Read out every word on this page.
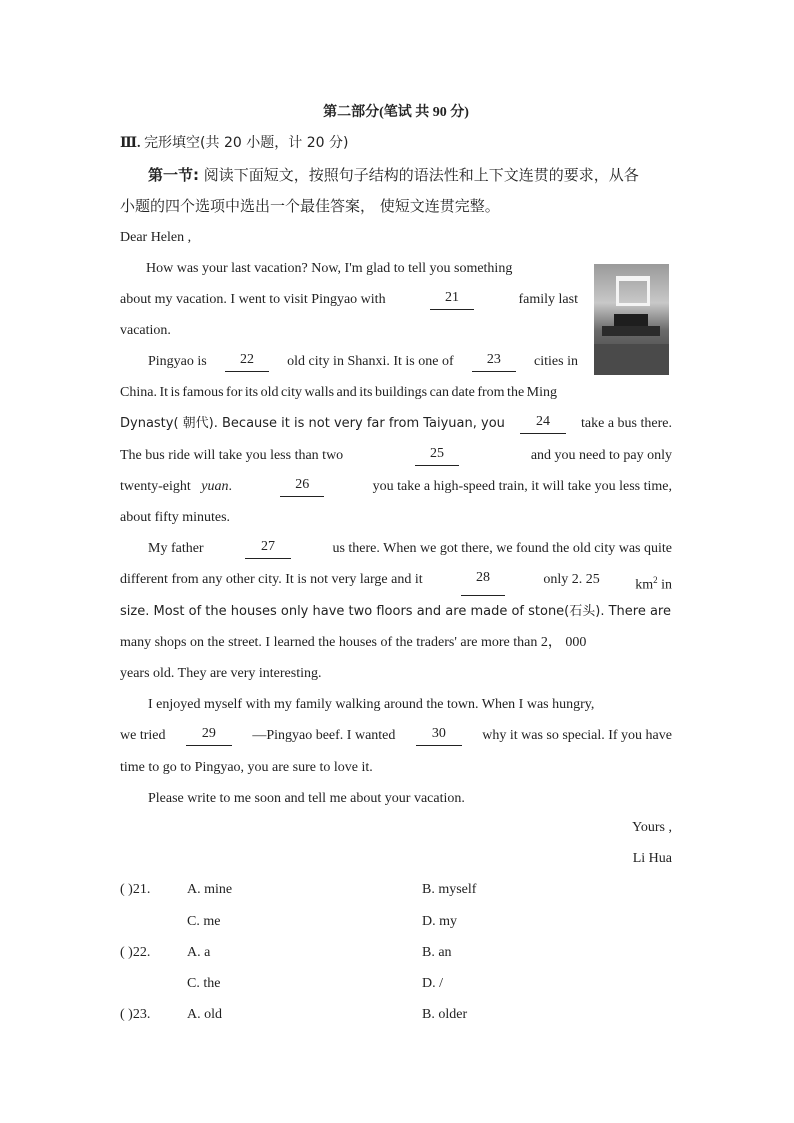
第二部分(笔试 共 90 分)
Ⅲ. 完形填空(共 20 小题，计 20 分)
第一节: 阅读下面短文，按照句子结构的语法性和上下文连贯的要求，从各
小题的四个选项中选出一个最佳答案， 使短文连贯完整。
Dear Helen ,
How was your last vacation? Now, I'm glad to tell you something
about my vacation. I went to visit Pingyao with	21	family last
vacation.
Pingyao is	22	old city in Shanxi. It is one of	23	cities in
China. It is famous for its old city walls and its buildings can date from the Ming
Dynasty( 朝代). Because it is not very far from Taiyuan, you	24	take a bus there.
The bus ride will take you less than two	25	and you need to pay only
twenty-eight yuan.	26	you take a high-speed train, it will take you less time,
about fifty minutes.
My father	27	us there. When we got there, we found the old city was quite
different from any other city. It is not very large and it	28	only 2. 25	$km^2$ in
size. Most of the houses only have two floors and are made of stone(石头). There are
many shops on the street. I learned the houses of the traders' are more than 2， 000
years old. They are very interesting.
I enjoyed myself with my family walking around the town. When I was hungry,
we tried	29	—Pingyao beef. I wanted	30	why it was so special. If you have
time to go to Pingyao, you are sure to love it.
Please write to me soon and tell me about your vacation.
Yours ,
Li Hua
( )21.	A. mine	B. myself
C. me	D. my
( )22.	A. a	B. an
C. the	D. /
( )23.	A. old	B. older
